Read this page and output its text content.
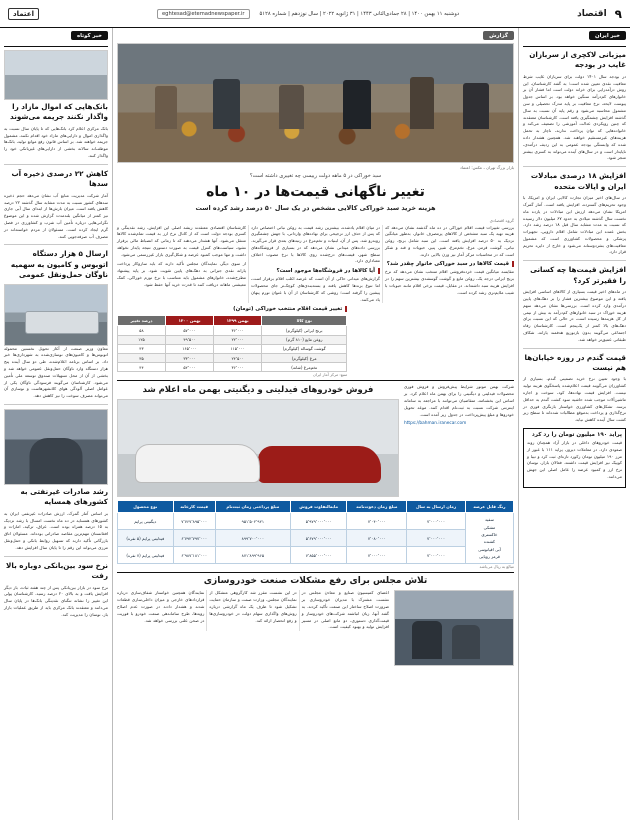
۹
اقتصاد
دوشنبه ۱۱ بهمن ۱۴۰۰ | ۲۸ جمادی‌الثانی ۱۴۴۳ | ۳۱ ژانویه ۲۰۲۲ | سال نوزدهم | شماره ۵۱۲۸
eghtesad@etemadnewspaper.ir
اعتماد
خبر ایران
میزبانی لاکچری از سربازان غایب در بودجه

در بودجه سال ۱۴۰۱ دولت برای سربازان غایب شرط معافیت نقدی تعیین شده است؛ به گفته کارشناسان، این روش درآمدزایی برای خزانه دولت است اما فشار آن بر خانوارهای کم‌درآمد سنگین خواهد بود. بر اساس جدول پیوست لایحه، نرخ معافیت بر پایه مدرک تحصیلی و سن مشمول محاسبه می‌شود و رقم پایه آن نسبت به سال گذشته افزایش چشمگیری یافته است. کارشناسان معتقدند که چنین رویکردی عدالت آموزشی را تضعیف می‌کند و خانواده‌هایی که توان پرداخت ندارند، ناچار به تحمل هزینه‌های غیرمستقیم خواهند شد. همچنین هشدار داده شده که وابستگی بودجه عمومی به این ردیف درآمدی، ناپایدار است و در سال‌های آینده می‌تواند به کسری بیشتر منجر شود.

افزایش ۱۸ درصدی مبادلات ایران و ایالات متحده

در سال‌های اخیر میزان تجارت کالایی ایران و امریکا، با وجود تحریم‌های گسترده، افزایش یافته است. آمار گمرک امریکا نشان می‌دهد ارزش این مبادلات در یازده ماه نخست سال گذشته میلادی به حدود ۶۷ میلیون دلار رسیده که نسبت به مدت مشابه سال قبل ۱۸ درصد رشد دارد. بخش عمده این مبادلات شامل اقلام دارویی، تجهیزات پزشکی و محصولات کشاورزی است که مشمول معافیت‌های بشردوستانه می‌شود و خارج از دایره تحریم قرار دارد.

افزایش قیمت‌ها چه کسانی را فقیرتر کرد؟

در ماه‌های اخیر قیمت بسیاری از کالاهای اساسی افزایش یافته و این موضوع بیشترین فشار را بر دهک‌های پایین درآمدی وارد کرده است. بررسی‌ها نشان می‌دهد سهم هزینه خوراک در سبد خانوارهای کم‌درآمد به بیش از نیمی از کل هزینه‌ها رسیده است، در حالی که این نسبت برای دهک‌های بالا کمتر از یک‌پنجم است. کارشناسان رفاه اجتماعی می‌گویند بدون بازتوزیع هدفمند یارانه، شکاف طبقاتی عمیق‌تر خواهد شد.

قیمت گندم در روزه خیابان‌ها هم نیست

با وجود تعیین نرخ خرید تضمینی گندم، بسیاری از کشاورزان می‌گویند قیمت اعلام‌شده پاسخگوی هزینه تولید نیست. افزایش قیمت نهاده‌ها، کود، سوخت و اجاره ماشین‌آلات موجب شده حاشیه سود کشت گندم به حداقل برسد. تشکل‌های کشاورزی خواستار بازنگری فوری در نرخ‌گذاری و پرداخت به‌موقع مطالبات شده‌اند تا سطح زیر کشت سال آینده کاهش نیابد.

پراید ۱۹۰ میلیون تومان را رد کرد

قیمت خودروهای داخلی در بازار آزاد همچنان روند صعودی دارد. در معاملات دیروز، پراید ۱۱۱ با عبور از مرز ۱۹۰ میلیون تومان رکورد تازه‌ای ثبت کرد و تیبا و کوییک نیز افزایش قیمت داشتند. فعالان بازار، نوسان نرخ ارز و کمبود عرضه را عامل اصلی این جهش می‌دانند.

گزارش
بازار بزرگ تهران ـ عکس: اعتماد
سبد خوراکی در ۵ ماهه دولت رییسی چه تغییری داشته است؟
تغییر ناگهانی قیمت‌ها در ۱۰ ماه
هزینه خرید سبد خوراکی کالایی مشخص در یک سال ۵۰ درصد رشد کرده است
گروه اقتصادی

بررسی تغییرات قیمت اقلام خوراکی در ده ماه گذشته نشان می‌دهد که هزینه تهیه یک سبد مشخص از کالاهای پرمصرف خانوار، به‌طور میانگین نزدیک به ۵۰ درصد افزایش یافته است. این سبد شامل برنج، روغن نباتی، گوشت قرمز، مرغ، تخم‌مرغ، شیر، پنیر، حبوبات و قند و شکر است که در محاسبات مرکز آمار نیز وزن بالایی دارند.

قیمت کالاها در سبد خوراکی خانوار چقدر شد؟

مقایسه میانگین قیمت خرده‌فروشی اقلام منتخب نشان می‌دهد که نرخ برنج ایرانی درجه یک، روغن مایع و گوشت گوسفندی بیشترین سهم را در افزایش هزینه سبد داشته‌اند. در مقابل، قیمت برخی اقلام مانند حبوبات با شیب ملایم‌تری رشد کرده است.

در میان اقلام یادشده، بیشترین رشد قیمت به روغن نباتی اختصاص دارد که پس از حذف ارز ترجیحی برای نهاده‌های وارداتی، با جهش چشمگیری روبه‌رو شد. پس از آن، لبنیات و تخم‌مرغ در رتبه‌های بعدی قرار می‌گیرند. بررسی داده‌های میدانی نشان می‌دهد که در بسیاری از فروشگاه‌های سطح شهر، قیمت‌های درج‌شده روی کالاها با نرخ مصوب اختلاف معناداری دارد.

آیا کالاها در فروشگاه‌ها موجود است؟

گزارش‌های میدانی حاکی از آن است که عرضه اغلب اقلام برقرار است، اما تنوع برندها کاهش یافته و بسته‌بندی‌های کوچک‌تر جای محصولات پیشین را گرفته است؛ روشی که کارشناسان از آن با عنوان تورم پنهان یاد می‌کنند.

کارشناسان اقتصادی معتقدند ریشه اصلی این افزایش، رشد نقدینگی و کسری بودجه دولت است که از کانال نرخ ارز به قیمت تمام‌شده کالاها منتقل می‌شود. آنها هشدار می‌دهند که تا زمانی که انضباط مالی برقرار نشود، سیاست‌های کنترل قیمت به صورت دستوری نتیجه پایدار نخواهد داشت و تنها موجب کمبود عرضه و شکل‌گیری بازار غیررسمی می‌شود.

از سوی دیگر، نمایندگان مجلس تأکید دارند که باید سازوکار پرداخت یارانه نقدی جبرانی به دهک‌های پایین تقویت شود. بر پایه پیشنهاد مطرح‌شده، خانوارهای مشمول باید متناسب با نرخ تورم خوراکی، کمک معیشتی ماهانه دریافت کنند تا قدرت خرید آنها حفظ شود.

تغییر قیمت اقلام منتخب خوراکی (تومان)
نوع کالا	بهمن ۱۳۹۹	بهمن ۱۴۰۰	درصد تغییر
برنج ایرانی (کیلوگرم)	۳۶٬۰۰۰	۵۷٬۰۰۰	۵۸
روغن مایع (۸۱۰ گرم)	۲۲٬۰۰۰	۴۹٬۵۰۰	۱۲۵
گوشت گوساله (کیلوگرم)	۱۱۵٬۰۰۰	۱۶۵٬۰۰۰	۴۳
مرغ (کیلوگرم)	۲۴٬۵۰۰	۳۳٬۰۰۰	۳۵
تخم‌مرغ (شانه)	۳۶٬۰۰۰	۵۲٬۰۰۰	۴۴
منبع: مرکز آمار ایران

شرکت بهمن موتور شرایط پیش‌فروش و فروش فوری محصولات فیدلیتی و دیگنیتی را برای بهمن ماه اعلام کرد. بر اساس این بخشنامه، متقاضیان می‌توانند با مراجعه به سامانه اینترنتی شرکت نسبت به ثبت‌نام اقدام کنند. موعد تحویل خودروها و مبلغ پیش‌پرداخت در جدول زیر آمده است.

https://bahman.iranecar.com
فروش خودروهای فیدلیتی و دیگنیتی بهمن ماه اعلام شد
رنگ قابل عرضه	زمان ارسال به سال	مبلغ زمان دعوت‌نامه	مابه‌التفاوت فروش	مبلغ پرداختی زمان ثبت‌نام	قیمت کارخانه	نوع محصول
سفید
مشکی
خاکستری
کشنده
آبی اقیانوسی
قرمز رویایی	۷٬۰۰۰٬۰۰۰	۷٬۰۴۰٬۰۰۰	۵٬۹۷۹٬۰۰۰٬۰۰۰	۹۵۱٬۵۰۲٬۹۲۱	۷٬۷۶۷٬۸۹۵٬۰۰۰	دیگنیتی پرایم
	۷٬۰۰۰٬۰۰۰	۷٬۰۸۰٬۰۰۰	۵٬۶۷۹٬۰۰۰٬۰۰۰	۸۹۹٬۷۰۰٬۰۰۰	۶٬۷۹۲٬۷۹۷٬۰۰۰	فیدلیتی پرایم (۵ نفره)
	۷٬۰۰۰٬۰۰۰	۷٬۰۰۰٬۰۰۰	۷٬۸۵۵٬۰۰۰٬۰۰۰	۸۷۱٬۸۹۹٬۹۶۵	۶٬۹۸۷٬۱۸۱٬۰۰۰	فیدلیتی پرایم (۷ نفره)
مبالغ به ریال می‌باشد
تلاش مجلس برای رفع مشکلات صنعت خودروسازی

اعضای کمیسیون صنایع و معادن مجلس در نشست مشترک با مدیران خودروسازی بر ضرورت اصلاح ساختار این صنعت تأکید کردند. به گفته آنها، زیان انباشته شرکت‌های خودروساز و قیمت‌گذاری دستوری، دو مانع اصلی در مسیر افزایش تولید و بهبود کیفیت است.

در این نشست مقرر شد کارگروهی متشکل از نمایندگان مجلس، وزارت صمت و سازمان حمایت تشکیل شود تا ظرف یک ماه گزارشی درباره روش‌های واگذاری سهام دولت در خودروسازی‌ها و رفع انحصار ارائه کند.

نمایندگان همچنین خواستار شفاف‌سازی درباره قراردادهای خارجی و میزان داخلی‌سازی قطعات شدند و هشدار دادند در صورت عدم اصلاح رویه‌ها، طرح ساماندهی صنعت خودرو با فوریت در صحن علنی بررسی خواهد شد.

خبر کوتاه
بانک‌هایی که اموال مازاد را واگذار نکنند جریمه می‌شوند

بانک مرکزی اعلام کرد بانک‌هایی که تا پایان سال نسبت به واگذاری اموال و دارایی‌های مازاد خود اقدام نکنند، مشمول جریمه خواهند شد. بر اساس قانون رفع موانع تولید، بانک‌ها موظف‌اند سالانه بخشی از دارایی‌های غیربانکی خود را واگذار کنند.

کاهش ۲۲ درصدی ذخیره آب سدها

آمار شرکت مدیریت منابع آب نشان می‌دهد حجم ذخیره سدهای کشور نسبت به مدت مشابه سال گذشته ۲۲ درصد کاهش یافته است. میزان بارش‌ها از ابتدای سال آبی جاری نیز کمتر از میانگین بلندمدت گزارش شده و این موضوع نگرانی‌هایی درباره تأمین آب شرب و کشاورزی در فصل گرم ایجاد کرده است. مسئولان از مردم خواسته‌اند در مصرف آب صرفه‌جویی کنند.

ارسال ۵ هزار دستگاه اتوبوس و کامیون به سهمیه ناوگان حمل‌ونقل عمومی

معاون وزیر صنعت از آغاز تحویل نخستین محموله اتوبوس‌ها و کامیون‌های نوسازی‌شده به شهرداری‌ها خبر داد. بر اساس برنامه اعلام‌شده، طی دو سال آینده پنج هزار دستگاه وارد ناوگان حمل‌ونقل عمومی خواهد شد و بخشی از آن از محل تسهیلات صندوق توسعه ملی تأمین می‌شود. کارشناسان می‌گویند فرسودگی ناوگان یکی از عوامل اصلی آلودگی هوای کلانشهرهاست و نوسازی آن می‌تواند مصرف سوخت را نیز کاهش دهد.

رشد صادرات غیرنفتی به کشورهای همسایه

بر اساس آمار گمرک، ارزش صادرات غیرنفتی ایران به کشورهای همسایه در ده ماه نخست امسال با رشد نزدیک به ۱۵ درصد همراه بوده است. عراق، ترکیه، امارات و افغانستان مهم‌ترین مقاصد صادراتی بوده‌اند. مسئولان اتاق بازرگانی تأکید دارند که تسهیل روابط بانکی و حمل‌ونقل مرزی می‌تواند این رقم را تا پایان سال افزایش دهد.

نرخ سود بین‌بانکی دوباره بالا رفت

نرخ سود در بازار بین‌بانکی پس از چند هفته ثبات، بار دیگر افزایش یافت و به بالای ۲۰ درصد رسید. کارشناسان پولی این تغییر را نشانه تنگنای نقدینگی بانک‌ها در پایان سال می‌دانند و معتقدند بانک مرکزی باید از طریق عملیات بازار باز، نوسان را مدیریت کند.
